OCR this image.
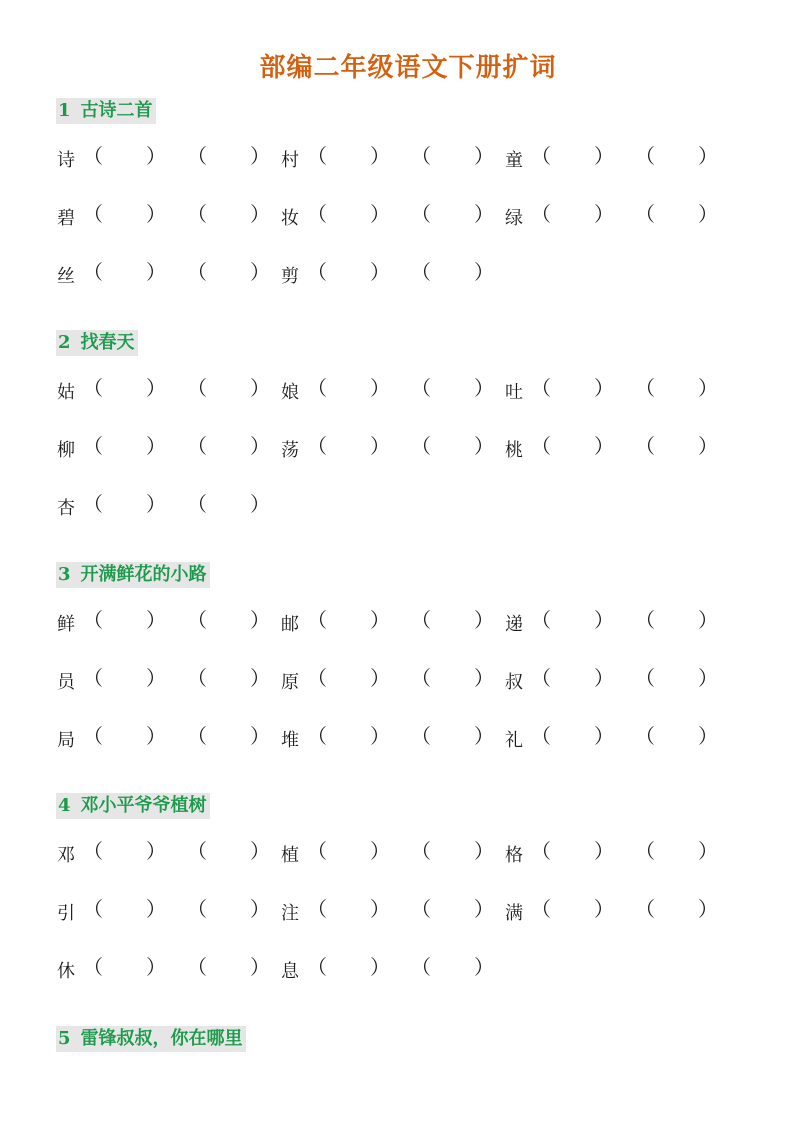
部编二年级语文下册扩词
1 古诗二首
诗 （ ） （ ） 村 （ ） （ ） 童 （ ） （ ）
碧 （ ） （ ） 妆 （ ） （ ） 绿 （ ） （ ）
丝 （ ） （ ） 剪 （ ） （ ）
2 找春天
姑 （ ） （ ） 娘 （ ） （ ） 吐 （ ） （ ）
柳 （ ） （ ） 荡 （ ） （ ） 桃 （ ） （ ）
杏 （ ） （ ）
3 开满鲜花的小路
鲜 （ ） （ ） 邮 （ ） （ ） 递 （ ） （ ）
员 （ ） （ ） 原 （ ） （ ） 叔 （ ） （ ）
局 （ ） （ ） 堆 （ ） （ ） 礼 （ ） （ ）
4 邓小平爷爷植树
邓 （ ） （ ） 植 （ ） （ ） 格 （ ） （ ）
引 （ ） （ ） 注 （ ） （ ） 满 （ ） （ ）
休 （ ） （ ） 息 （ ） （ ）
5 雷锋叔叔，你在哪里
